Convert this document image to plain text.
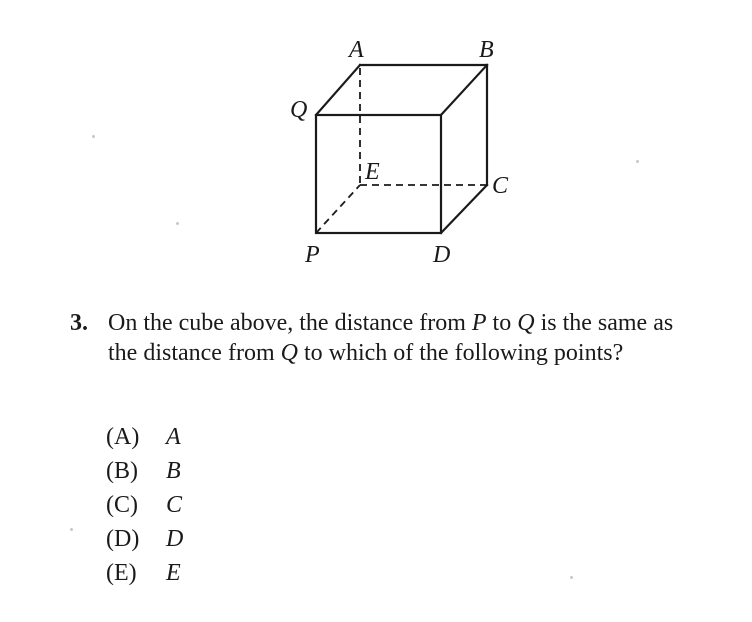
A	B
Q
E
C
P	D
3. On the cube above, the distance from P to Q is the same as the distance from Q to which of the following points?
(A) A
(B) B
(C) C
(D) D
(E) E
